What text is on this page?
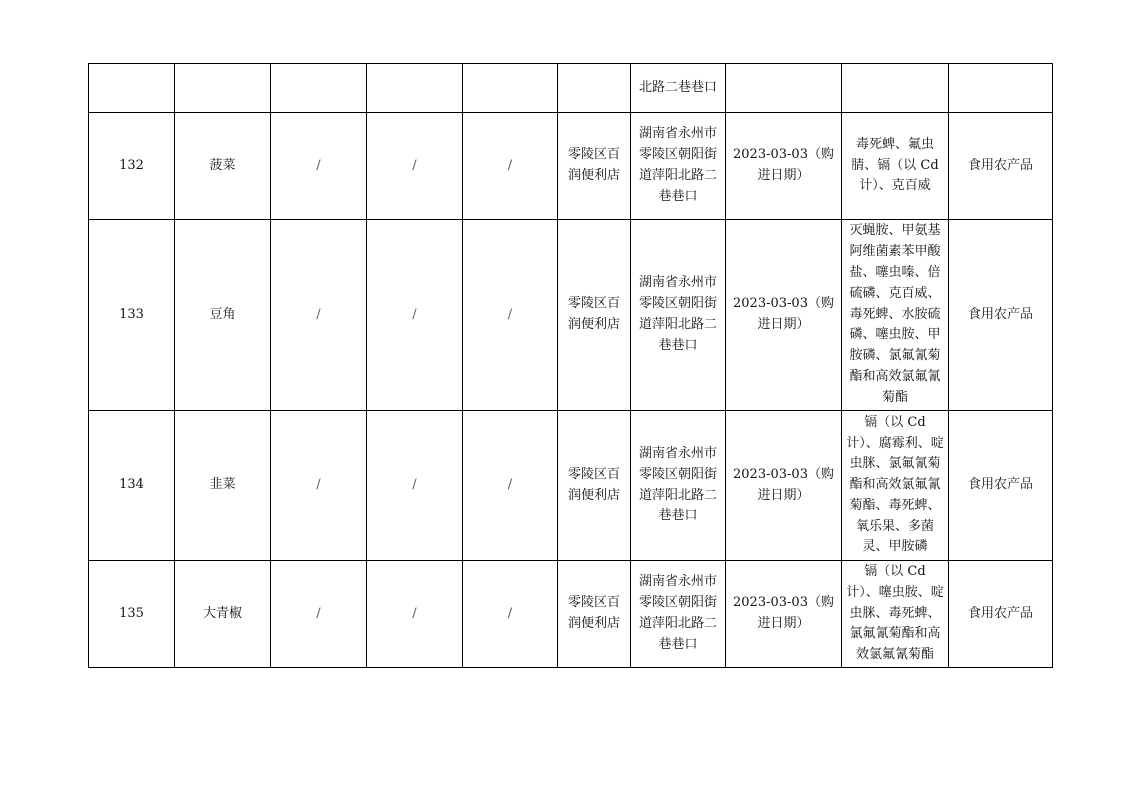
						北路二巷巷口			
132	菠菜	/	/	/	零陵区百润便利店	湖南省永州市零陵区朝阳街道萍阳北路二巷巷口	2023-03-03（购进日期）	毒死蜱、氟虫腈、镉（以 Cd计）、克百威	食用农产品
133	豆角	/	/	/	零陵区百润便利店	湖南省永州市零陵区朝阳街道萍阳北路二巷巷口	2023-03-03（购进日期）	灭蝇胺、甲氨基阿维菌素苯甲酸盐、噻虫嗪、倍硫磷、克百威、毒死蜱、水胺硫磷、噻虫胺、甲胺磷、氯氟氰菊酯和高效氯氟氰菊酯	食用农产品
134	韭菜	/	/	/	零陵区百润便利店	湖南省永州市零陵区朝阳街道萍阳北路二巷巷口	2023-03-03（购进日期）	镉（以 Cd 计）、腐霉利、啶虫脒、氯氟氰菊酯和高效氯氟氰菊酯、毒死蜱、氧乐果、多菌灵、甲胺磷	食用农产品
135	大青椒	/	/	/	零陵区百润便利店	湖南省永州市零陵区朝阳街道萍阳北路二巷巷口	2023-03-03（购进日期）	镉（以 Cd 计）、噻虫胺、啶虫脒、毒死蜱、氯氟氰菊酯和高效氯氟氰菊酯	食用农产品
